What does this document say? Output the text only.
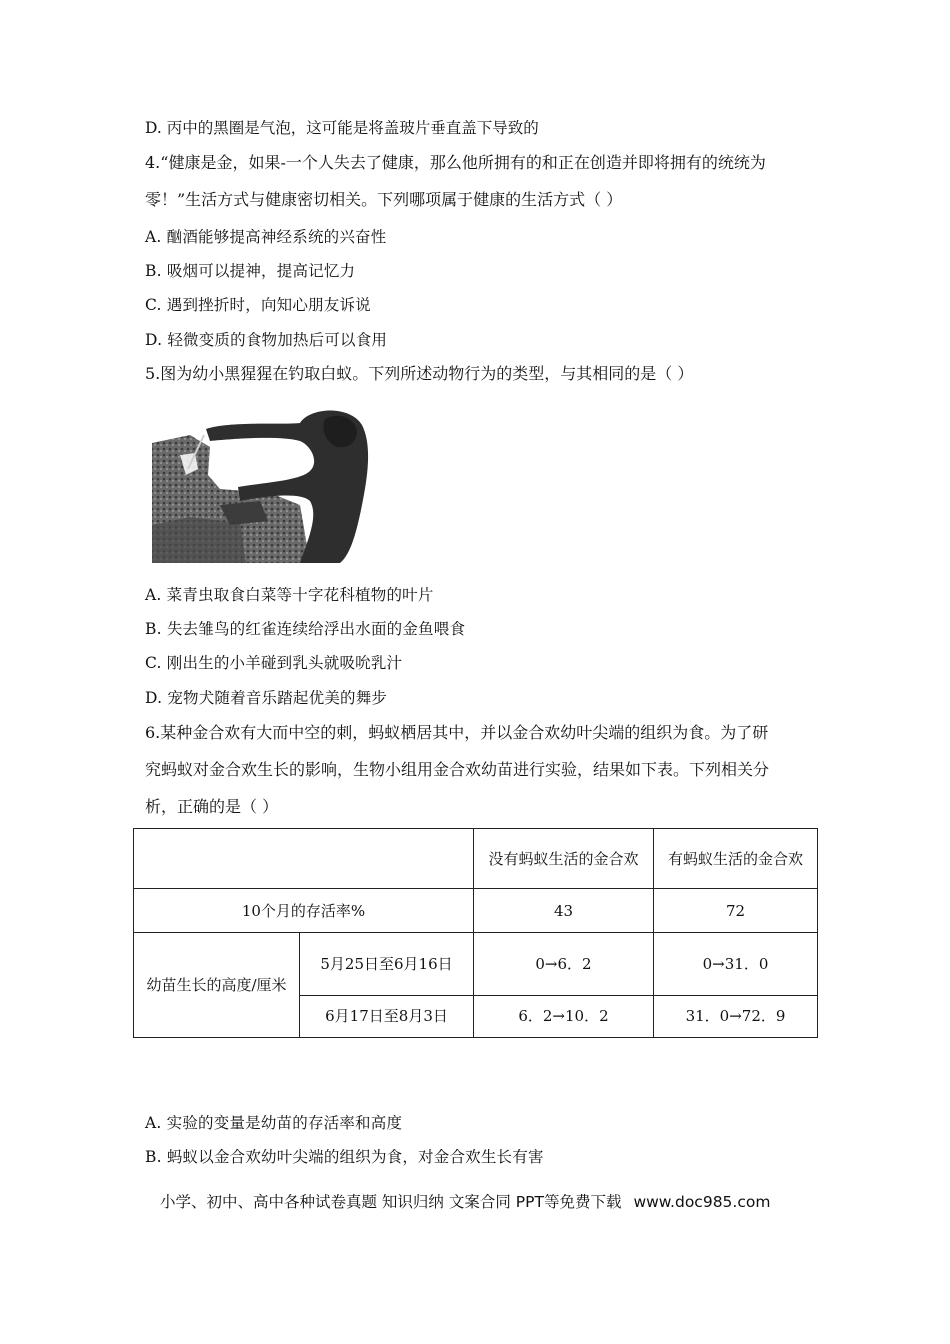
D. 丙中的黑圈是气泡，这可能是将盖玻片垂直盖下导致的
4.“健康是金，如果-一个人失去了健康，那么他所拥有的和正在创造并即将拥有的统统为
零！”生活方式与健康密切相关。下列哪项属于健康的生活方式（ ）
A. 酗酒能够提高神经系统的兴奋性
B. 吸烟可以提神，提高记忆力
C. 遇到挫折时，向知心朋友诉说
D. 轻微变质的食物加热后可以食用
5.图为幼小黑猩猩在钓取白蚁。下列所述动物行为的类型，与其相同的是（ ）
A. 菜青虫取食白菜等十字花科植物的叶片
B. 失去雏鸟的红雀连续给浮出水面的金鱼喂食
C. 刚出生的小羊碰到乳头就吸吮乳汁
D. 宠物犬随着音乐踏起优美的舞步
6.某种金合欢有大而中空的刺，蚂蚁栖居其中，并以金合欢幼叶尖端的组织为食。为了研
究蚂蚁对金合欢生长的影响，生物小组用金合欢幼苗进行实验，结果如下表。下列相关分
析，正确的是（ ）
		没有蚂蚁生活的金合欢	有蚂蚁生活的金合欢
10个月的存活率%		43	72
幼苗生长的高度/厘米	5月25日至6月16日	0→6．2	0→31．0
	6月17日至8月3日	6．2→10．2	31．0→72．9
A. 实验的变量是幼苗的存活率和高度
B. 蚂蚁以金合欢幼叶尖端的组织为食，对金合欢生长有害
小学、初中、高中各种试卷真题 知识归纳 文案合同 PPT等免费下载 www.doc985.com
